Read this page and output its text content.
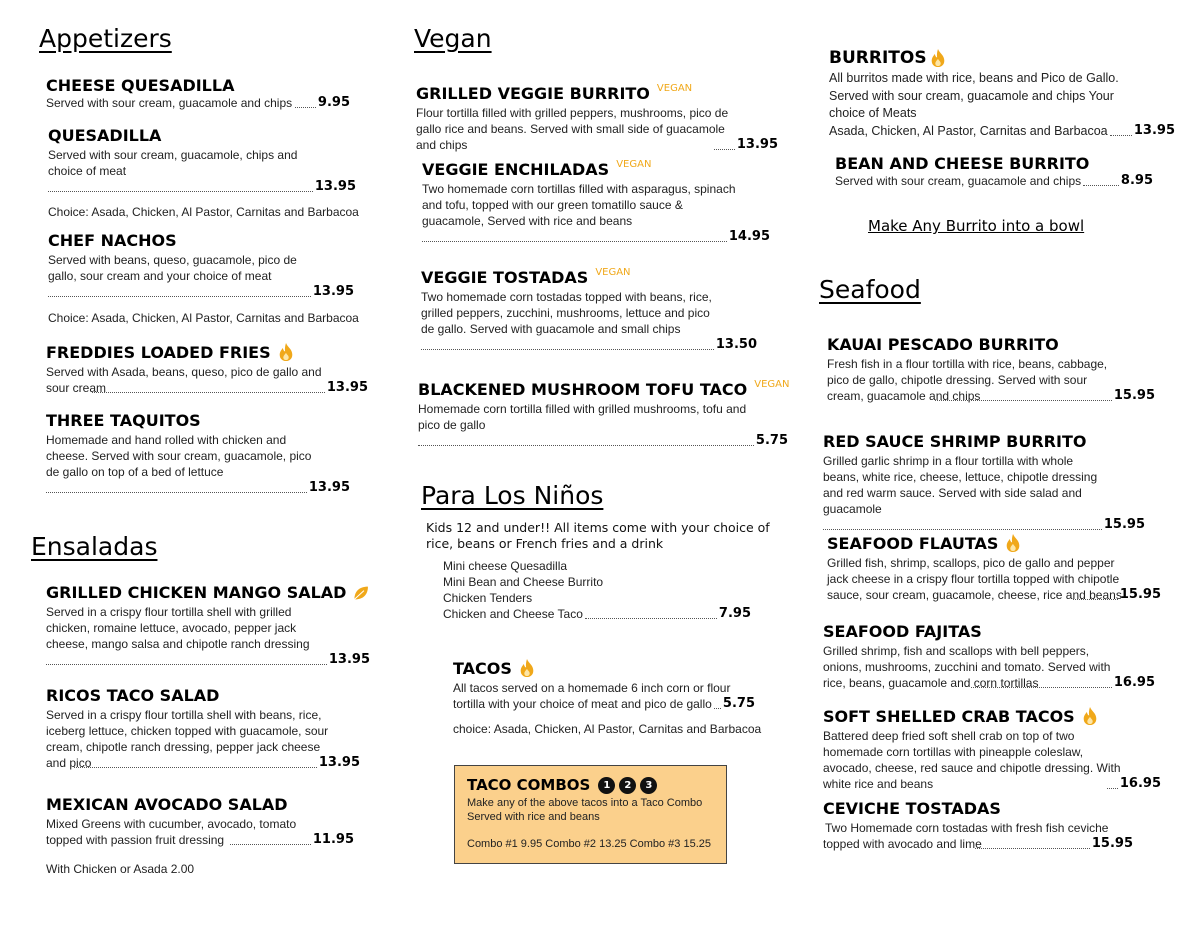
Appetizers
CHEESE QUESADILLA
Served with sour cream, guacamole and chips 9.95
QUESADILLA
Served with sour cream, guacamole, chips and choice of meat
13.95
Choice: Asada, Chicken, Al Pastor, Carnitas and Barbacoa
CHEF NACHOS
Served with beans, queso, guacamole, pico de gallo, sour cream and your choice of meat
13.95
Choice: Asada, Chicken, Al Pastor, Carnitas and Barbacoa
FREDDIES LOADED FRIES
Served with Asada, beans, queso, pico de gallo and sour cream	13.95
THREE TAQUITOS
Homemade and hand rolled with chicken and cheese. Served with sour cream, guacamole, pico de gallo on top of a bed of lettuce
13.95
Ensaladas
GRILLED CHICKEN MANGO SALAD
Served in a crispy flour tortilla shell with grilled chicken, romaine lettuce, avocado, pepper jack cheese, mango salsa and chipotle ranch dressing
13.95
RICOS TACO SALAD
Served in a crispy flour tortilla shell with beans, rice, iceberg lettuce, chicken topped with guacamole, sour cream, chipotle ranch dressing, pepper jack cheese and pico	13.95
MEXICAN AVOCADO SALAD
Mixed Greens with cucumber, avocado, tomato topped with passion fruit dressing	11.95
With Chicken or Asada 2.00
Vegan
GRILLED VEGGIE BURRITO VEGAN
Flour tortilla filled with grilled peppers, mushrooms, pico de gallo rice and beans. Served with small side of guacamole and chips	13.95
VEGGIE ENCHILADAS VEGAN
Two homemade corn tortillas filled with asparagus, spinach and tofu, topped with our green tomatillo sauce & guacamole, Served with rice and beans
14.95
VEGGIE TOSTADAS VEGAN
Two homemade corn tostadas topped with beans, rice, grilled peppers, zucchini, mushrooms, lettuce and pico de gallo. Served with guacamole and small chips
13.50
BLACKENED MUSHROOM TOFU TACO VEGAN
Homemade corn tortilla filled with grilled mushrooms, tofu and pico de gallo
5.75
Para Los Niños
Kids 12 and under!! All items come with your choice of rice, beans or French fries and a drink
Mini cheese Quesadilla
Mini Bean and Cheese Burrito
Chicken Tenders
Chicken and Cheese Taco	7.95
TACOS
All tacos served on a homemade 6 inch corn or flour
tortilla with your choice of meat and pico de gallo 5.75
choice: Asada, Chicken, Al Pastor, Carnitas and Barbacoa
TACO COMBOS	1	2	3
Make any of the above tacos into a Taco Combo Served with rice and beans
Combo #1 9.95 Combo #2 13.25 Combo #3 15.25
BURRITOS
All burritos made with rice, beans and Pico de Gallo. Served with sour cream, guacamole and chips Your choice of Meats
Asada, Chicken, Al Pastor, Carnitas and Barbacoa 13.95
BEAN AND CHEESE BURRITO
Served with sour cream, guacamole and chips	8.95
Make Any Burrito into a bowl
Seafood
KAUAI PESCADO BURRITO
Fresh fish in a flour tortilla with rice, beans, cabbage, pico de gallo, chipotle dressing. Served with sour cream, guacamole and chips	15.95
RED SAUCE SHRIMP BURRITO
Grilled garlic shrimp in a flour tortilla with whole beans, white rice, cheese, lettuce, chipotle dressing and red warm sauce. Served with side salad and guacamole
15.95
SEAFOOD FLAUTAS
Grilled fish, shrimp, scallops, pico de gallo and pepper jack cheese in a crispy flour tortilla topped with chipotle sauce, sour cream, guacamole, cheese, rice and beans
15.95
SEAFOOD FAJITAS
Grilled shrimp, fish and scallops with bell peppers, onions, mushrooms, zucchini and tomato. Served with rice, beans, guacamole and corn tortillas	16.95
SOFT SHELLED CRAB TACOS
Battered deep fried soft shell crab on top of two homemade corn tortillas with pineapple coleslaw, avocado, cheese, red sauce and chipotle dressing. With white rice and beans	16.95
CEVICHE TOSTADAS
Two Homemade corn tostadas with fresh fish ceviche topped with avocado and lime	15.95
